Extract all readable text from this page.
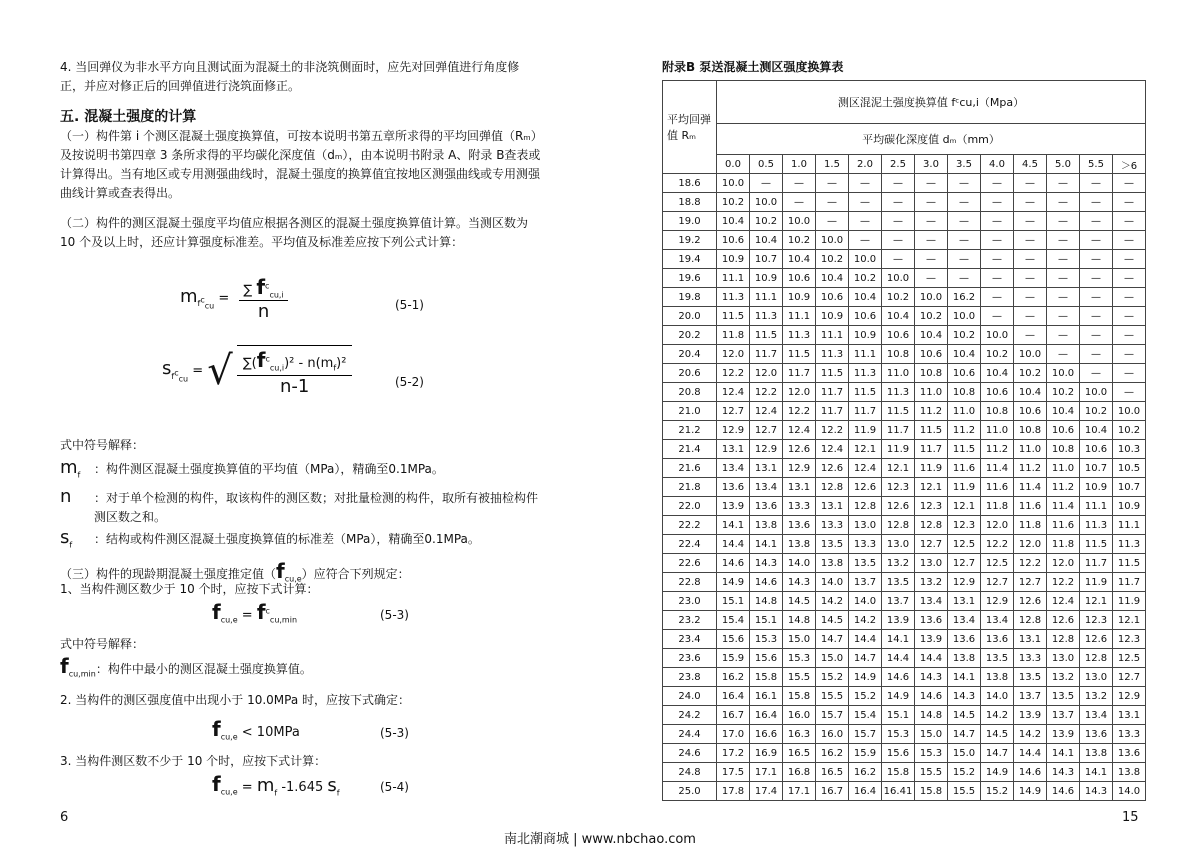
4. 当回弹仪为非水平方向且测试面为混凝土的非浇筑侧面时，应先对回弹值进行角度修正，并应对修正后的回弹值进行浇筑面修正。
五. 混凝土强度的计算
（一）构件第 i 个测区混凝土强度换算值，可按本说明书第五章所求得的平均回弹值（Rₘ）及按说明书第四章 3 条所求得的平均碳化深度值（dₘ），由本说明书附录 A、附录 B查表或计算得出。当有地区或专用测强曲线时，混凝土强度的换算值宜按地区测强曲线或专用测强曲线计算或查表得出。
（二）构件的测区混凝土强度平均值应根据各测区的混凝土强度换算值计算。当测区数为 10 个及以上时，还应计算强度标准差。平均值及标准差应按下列公式计算：
$m_{f^c_{cu}}$ =
∑ $f^c_{cu,i}$
n	(5-1)
$s_{f^c_{cu}}$ = √ $\sum(f^c_{cu,i})^2 - n(m_f)^2$
n-1	(5-2)
式中符号解释：
$m_f$ ：构件测区混凝土强度换算值的平均值（MPa），精确至0.1MPa。
n ：对于单个检测的构件，取该构件的测区数；对批量检测的构件，取所有被抽检构件测区数之和。
$s_f$ ：结构或构件测区混凝土强度换算值的标准差（MPa），精确至0.1MPa。
（三）构件的现龄期混凝土强度推定值$(f_{cu,e})$应符合下列规定：
1、当构件测区数少于 10 个时，应按下式计算：
$f_{cu,e} = f^c_{cu,min}$	(5-3)
式中符号解释：
$f_{cu,min}$：构件中最小的测区混凝土强度换算值。
2. 当构件的测区强度值中出现小于 10.0MPa 时，应按下式确定：
$f_{cu,e} < 10MPa$	(5-3)
3. 当构件测区数不少于 10 个时，应按下式计算：
$f_{cu,e} = m_f$ -1.645 $s_f$	(5-4)
6
附录B 泵送混凝土测区强度换算表
平均回弹值 Rₘ	测区混泥土强度换算值 fᶜcu,i（Mpa）												
	平均碳化深度值 dₘ（mm）												
	0.0	0.5	1.0	1.5	2.0	2.5	3.0	3.5	4.0	4.5	5.0	5.5	＞6
18.6	10.0	—	—	—	—	—	—	—	—	—	—	—	—
18.8	10.2	10.0	—	—	—	—	—	—	—	—	—	—	—
19.0	10.4	10.2	10.0	—	—	—	—	—	—	—	—	—	—
19.2	10.6	10.4	10.2	10.0	—	—	—	—	—	—	—	—	—
19.4	10.9	10.7	10.4	10.2	10.0	—	—	—	—	—	—	—	—
19.6	11.1	10.9	10.6	10.4	10.2	10.0	—	—	—	—	—	—	—
19.8	11.3	11.1	10.9	10.6	10.4	10.2	10.0	16.2	—	—	—	—	—
20.0	11.5	11.3	11.1	10.9	10.6	10.4	10.2	10.0	—	—	—	—	—
20.2	11.8	11.5	11.3	11.1	10.9	10.6	10.4	10.2	10.0	—	—	—	—
20.4	12.0	11.7	11.5	11.3	11.1	10.8	10.6	10.4	10.2	10.0	—	—	—
20.6	12.2	12.0	11.7	11.5	11.3	11.0	10.8	10.6	10.4	10.2	10.0	—	—
20.8	12.4	12.2	12.0	11.7	11.5	11.3	11.0	10.8	10.6	10.4	10.2	10.0	—
21.0	12.7	12.4	12.2	11.7	11.7	11.5	11.2	11.0	10.8	10.6	10.4	10.2	10.0
21.2	12.9	12.7	12.4	12.2	11.9	11.7	11.5	11.2	11.0	10.8	10.6	10.4	10.2
21.4	13.1	12.9	12.6	12.4	12.1	11.9	11.7	11.5	11.2	11.0	10.8	10.6	10.3
21.6	13.4	13.1	12.9	12.6	12.4	12.1	11.9	11.6	11.4	11.2	11.0	10.7	10.5
21.8	13.6	13.4	13.1	12.8	12.6	12.3	12.1	11.9	11.6	11.4	11.2	10.9	10.7
22.0	13.9	13.6	13.3	13.1	12.8	12.6	12.3	12.1	11.8	11.6	11.4	11.1	10.9
22.2	14.1	13.8	13.6	13.3	13.0	12.8	12.8	12.3	12.0	11.8	11.6	11.3	11.1
22.4	14.4	14.1	13.8	13.5	13.3	13.0	12.7	12.5	12.2	12.0	11.8	11.5	11.3
22.6	14.6	14.3	14.0	13.8	13.5	13.2	13.0	12.7	12.5	12.2	12.0	11.7	11.5
22.8	14.9	14.6	14.3	14.0	13.7	13.5	13.2	12.9	12.7	12.7	12.2	11.9	11.7
23.0	15.1	14.8	14.5	14.2	14.0	13.7	13.4	13.1	12.9	12.6	12.4	12.1	11.9
23.2	15.4	15.1	14.8	14.5	14.2	13.9	13.6	13.4	13.4	12.8	12.6	12.3	12.1
23.4	15.6	15.3	15.0	14.7	14.4	14.1	13.9	13.6	13.6	13.1	12.8	12.6	12.3
23.6	15.9	15.6	15.3	15.0	14.7	14.4	14.4	13.8	13.5	13.3	13.0	12.8	12.5
23.8	16.2	15.8	15.5	15.2	14.9	14.6	14.3	14.1	13.8	13.5	13.2	13.0	12.7
24.0	16.4	16.1	15.8	15.5	15.2	14.9	14.6	14.3	14.0	13.7	13.5	13.2	12.9
24.2	16.7	16.4	16.0	15.7	15.4	15.1	14.8	14.5	14.2	13.9	13.7	13.4	13.1
24.4	17.0	16.6	16.3	16.0	15.7	15.3	15.0	14.7	14.5	14.2	13.9	13.6	13.3
24.6	17.2	16.9	16.5	16.2	15.9	15.6	15.3	15.0	14.7	14.4	14.1	13.8	13.6
24.8	17.5	17.1	16.8	16.5	16.2	15.8	15.5	15.2	14.9	14.6	14.3	14.1	13.8
25.0	17.8	17.4	17.1	16.7	16.4	16.41	15.8	15.5	15.2	14.9	14.6	14.3	14.0
15
南北潮商城 | www.nbchao.com
